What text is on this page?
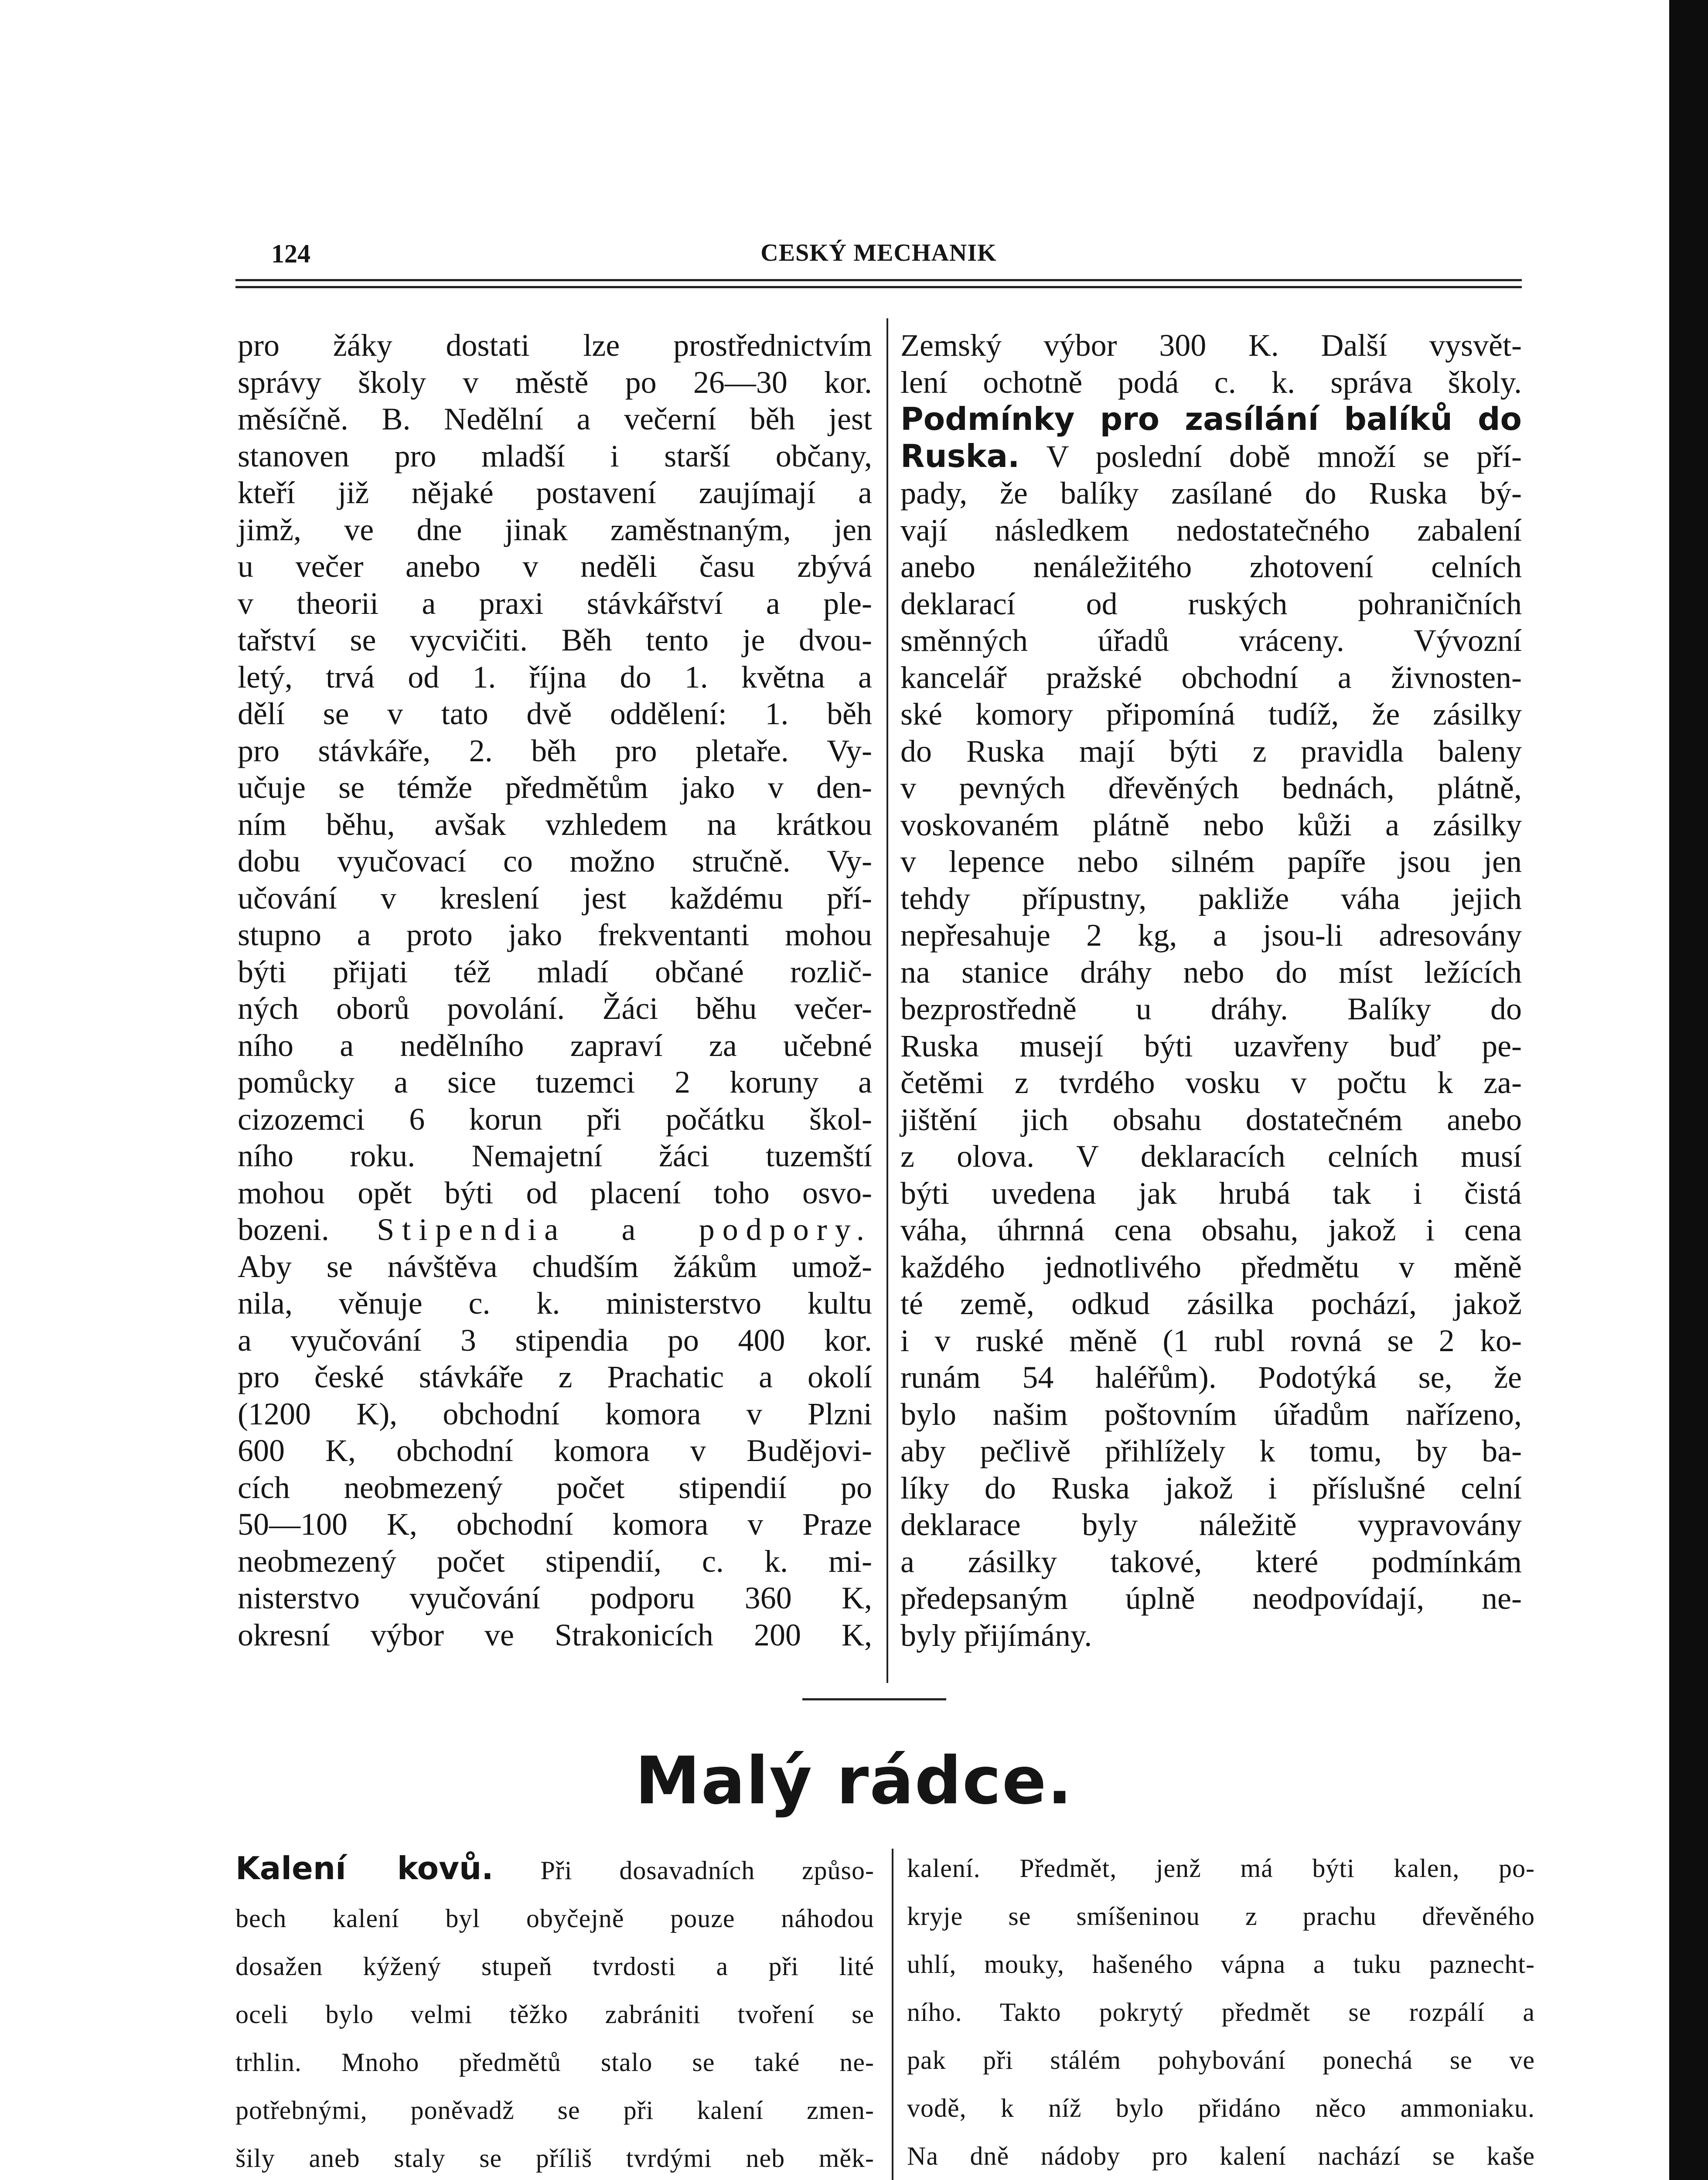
124	CESKÝ MECHANIK
pro žáky dostati lze prostřednictvím
správy školy v městě po 26—30 kor.
měsíčně. B. Nedělní a večerní běh jest
stanoven pro mladší i starší občany,
kteří již nějaké postavení zaujímají a
jimž, ve dne jinak zaměstnaným, jen
u večer anebo v neděli času zbývá
v theorii a praxi stávkářství a ple-
tařství se vycvičiti. Běh tento je dvou-
letý, trvá od 1. října do 1. května a
dělí se v tato dvě oddělení: 1. běh
pro stávkáře, 2. běh pro pletaře. Vy-
učuje se témže předmětům jako v den-
ním běhu, avšak vzhledem na krátkou
dobu vyučovací co možno stručně. Vy-
učování v kreslení jest každému pří-
stupno a proto jako frekventanti mohou
býti přijati též mladí občané rozlič-
ných oborů povolání. Žáci běhu večer-
ního a nedělního zapraví za učebné
pomůcky a sice tuzemci 2 koruny a
cizozemci 6 korun při počátku škol-
ního roku. Nemajetní žáci tuzemští
mohou opět býti od placení toho osvo-
bozeni. Stipendia a podpory.
Aby se návštěva chudším žákům umož-
nila, věnuje c. k. ministerstvo kultu
a vyučování 3 stipendia po 400 kor.
pro české stávkáře z Prachatic a okolí
(1200 K), obchodní komora v Plzni
600 K, obchodní komora v Budějovi-
cích neobmezený počet stipendií po
50—100 K, obchodní komora v Praze
neobmezený počet stipendií, c. k. mi-
nisterstvo vyučování podporu 360 K,
okresní výbor ve Strakonicích 200 K,
Zemský výbor 300 K. Další vysvět-
lení ochotně podá c. k. správa školy.
Podmínky pro zasílání balíků do
Ruska. V poslední době množí se pří-
pady, že balíky zasílané do Ruska bý-
vají následkem nedostatečného zabalení
anebo nenáležitého zhotovení celních
deklarací od ruských pohraničních
směnných úřadů vráceny. Vývozní
kancelář pražské obchodní a živnosten-
ské komory připomíná tudíž, že zásilky
do Ruska mají býti z pravidla baleny
v pevných dřevěných bednách, plátně,
voskovaném plátně nebo kůži a zásilky
v lepence nebo silném papíře jsou jen
tehdy přípustny, pakliže váha jejich
nepřesahuje 2 kg, a jsou-li adresovány
na stanice dráhy nebo do míst ležících
bezprostředně u dráhy. Balíky do
Ruska musejí býti uzavřeny buď pe-
četěmi z tvrdého vosku v počtu k za-
jištění jich obsahu dostatečném anebo
z olova. V deklaracích celních musí
býti uvedena jak hrubá tak i čistá
váha, úhrnná cena obsahu, jakož i cena
každého jednotlivého předmětu v měně
té země, odkud zásilka pochází, jakož
i v ruské měně (1 rubl rovná se 2 ko-
runám 54 haléřům). Podotýká se, že
bylo našim poštovním úřadům nařízeno,
aby pečlivě přihlížely k tomu, by ba-
líky do Ruska jakož i příslušné celní
deklarace byly náležitě vypravovány
a zásilky takové, které podmínkám
předepsaným úplně neodpovídají, ne-
byly přijímány.
Malý rádce.
Kalení kovů. Při dosavadních způso-
bech kalení byl obyčejně pouze náhodou
dosažen kýžený stupeň tvrdosti a při lité
oceli bylo velmi těžko zabrániti tvoření se
trhlin. Mnoho předmětů stalo se také ne-
potřebnými, poněvadž se při kalení zmen-
šily aneb staly se příliš tvrdými neb měk-
kalení. Předmět, jenž má býti kalen, po-
kryje se smíšeninou z prachu dřevěného
uhlí, mouky, hašeného vápna a tuku paznecht-
ního. Takto pokrytý předmět se rozpálí a
pak při stálém pohybování ponechá se ve
vodě, k níž bylo přidáno něco ammoniaku.
Na dně nádoby pro kalení nachází se kaše
